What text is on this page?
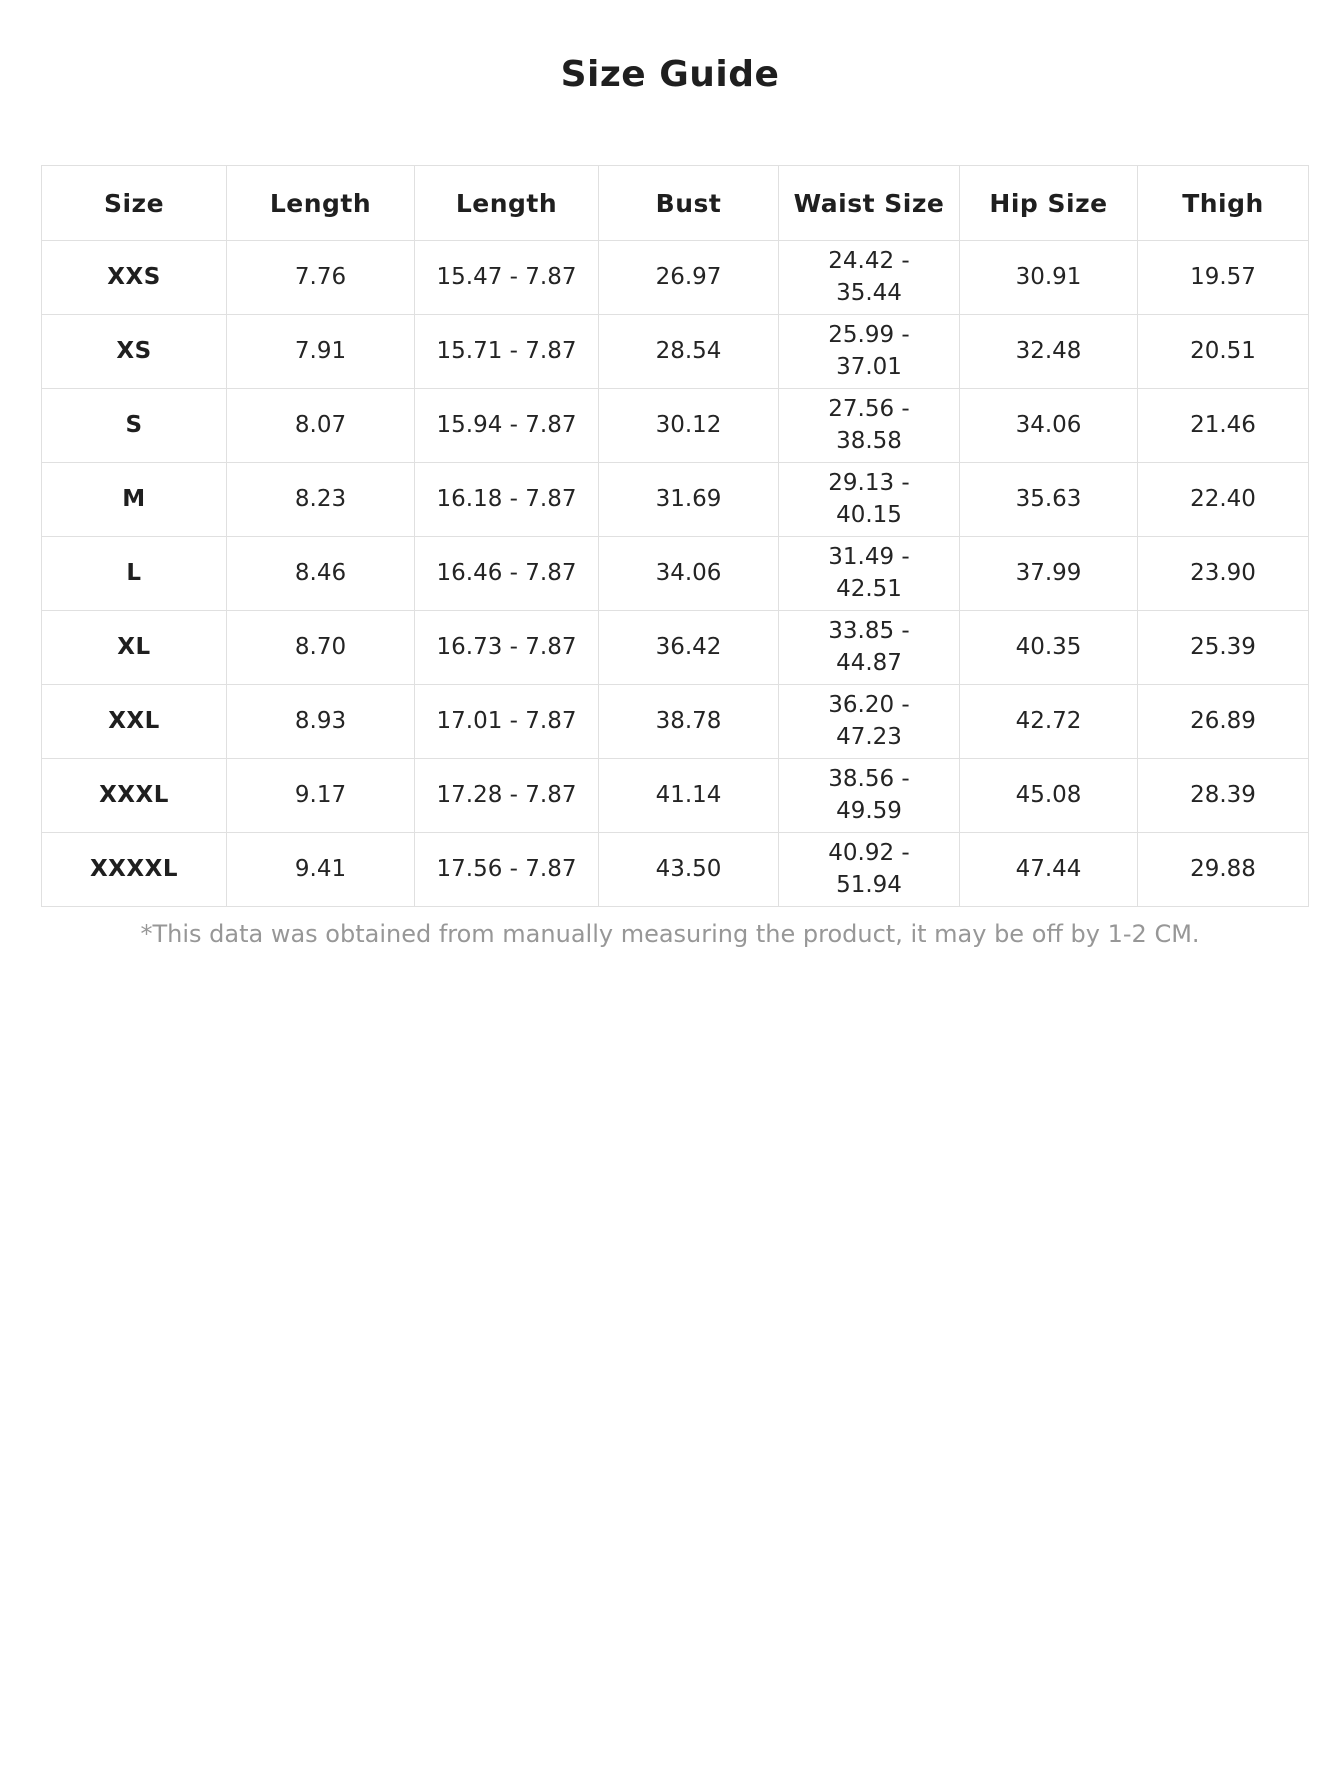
Size Guide
Size	Length	Length	Bust	Waist Size	Hip Size	Thigh
XXS	7.76	15.47 - 7.87	26.97	24.42 - 35.44	30.91	19.57
XS	7.91	15.71 - 7.87	28.54	25.99 - 37.01	32.48	20.51
S	8.07	15.94 - 7.87	30.12	27.56 - 38.58	34.06	21.46
M	8.23	16.18 - 7.87	31.69	29.13 - 40.15	35.63	22.40
L	8.46	16.46 - 7.87	34.06	31.49 - 42.51	37.99	23.90
XL	8.70	16.73 - 7.87	36.42	33.85 - 44.87	40.35	25.39
XXL	8.93	17.01 - 7.87	38.78	36.20 - 47.23	42.72	26.89
XXXL	9.17	17.28 - 7.87	41.14	38.56 - 49.59	45.08	28.39
XXXXL	9.41	17.56 - 7.87	43.50	40.92 - 51.94	47.44	29.88
*This data was obtained from manually measuring the product, it may be off by 1-2 CM.
